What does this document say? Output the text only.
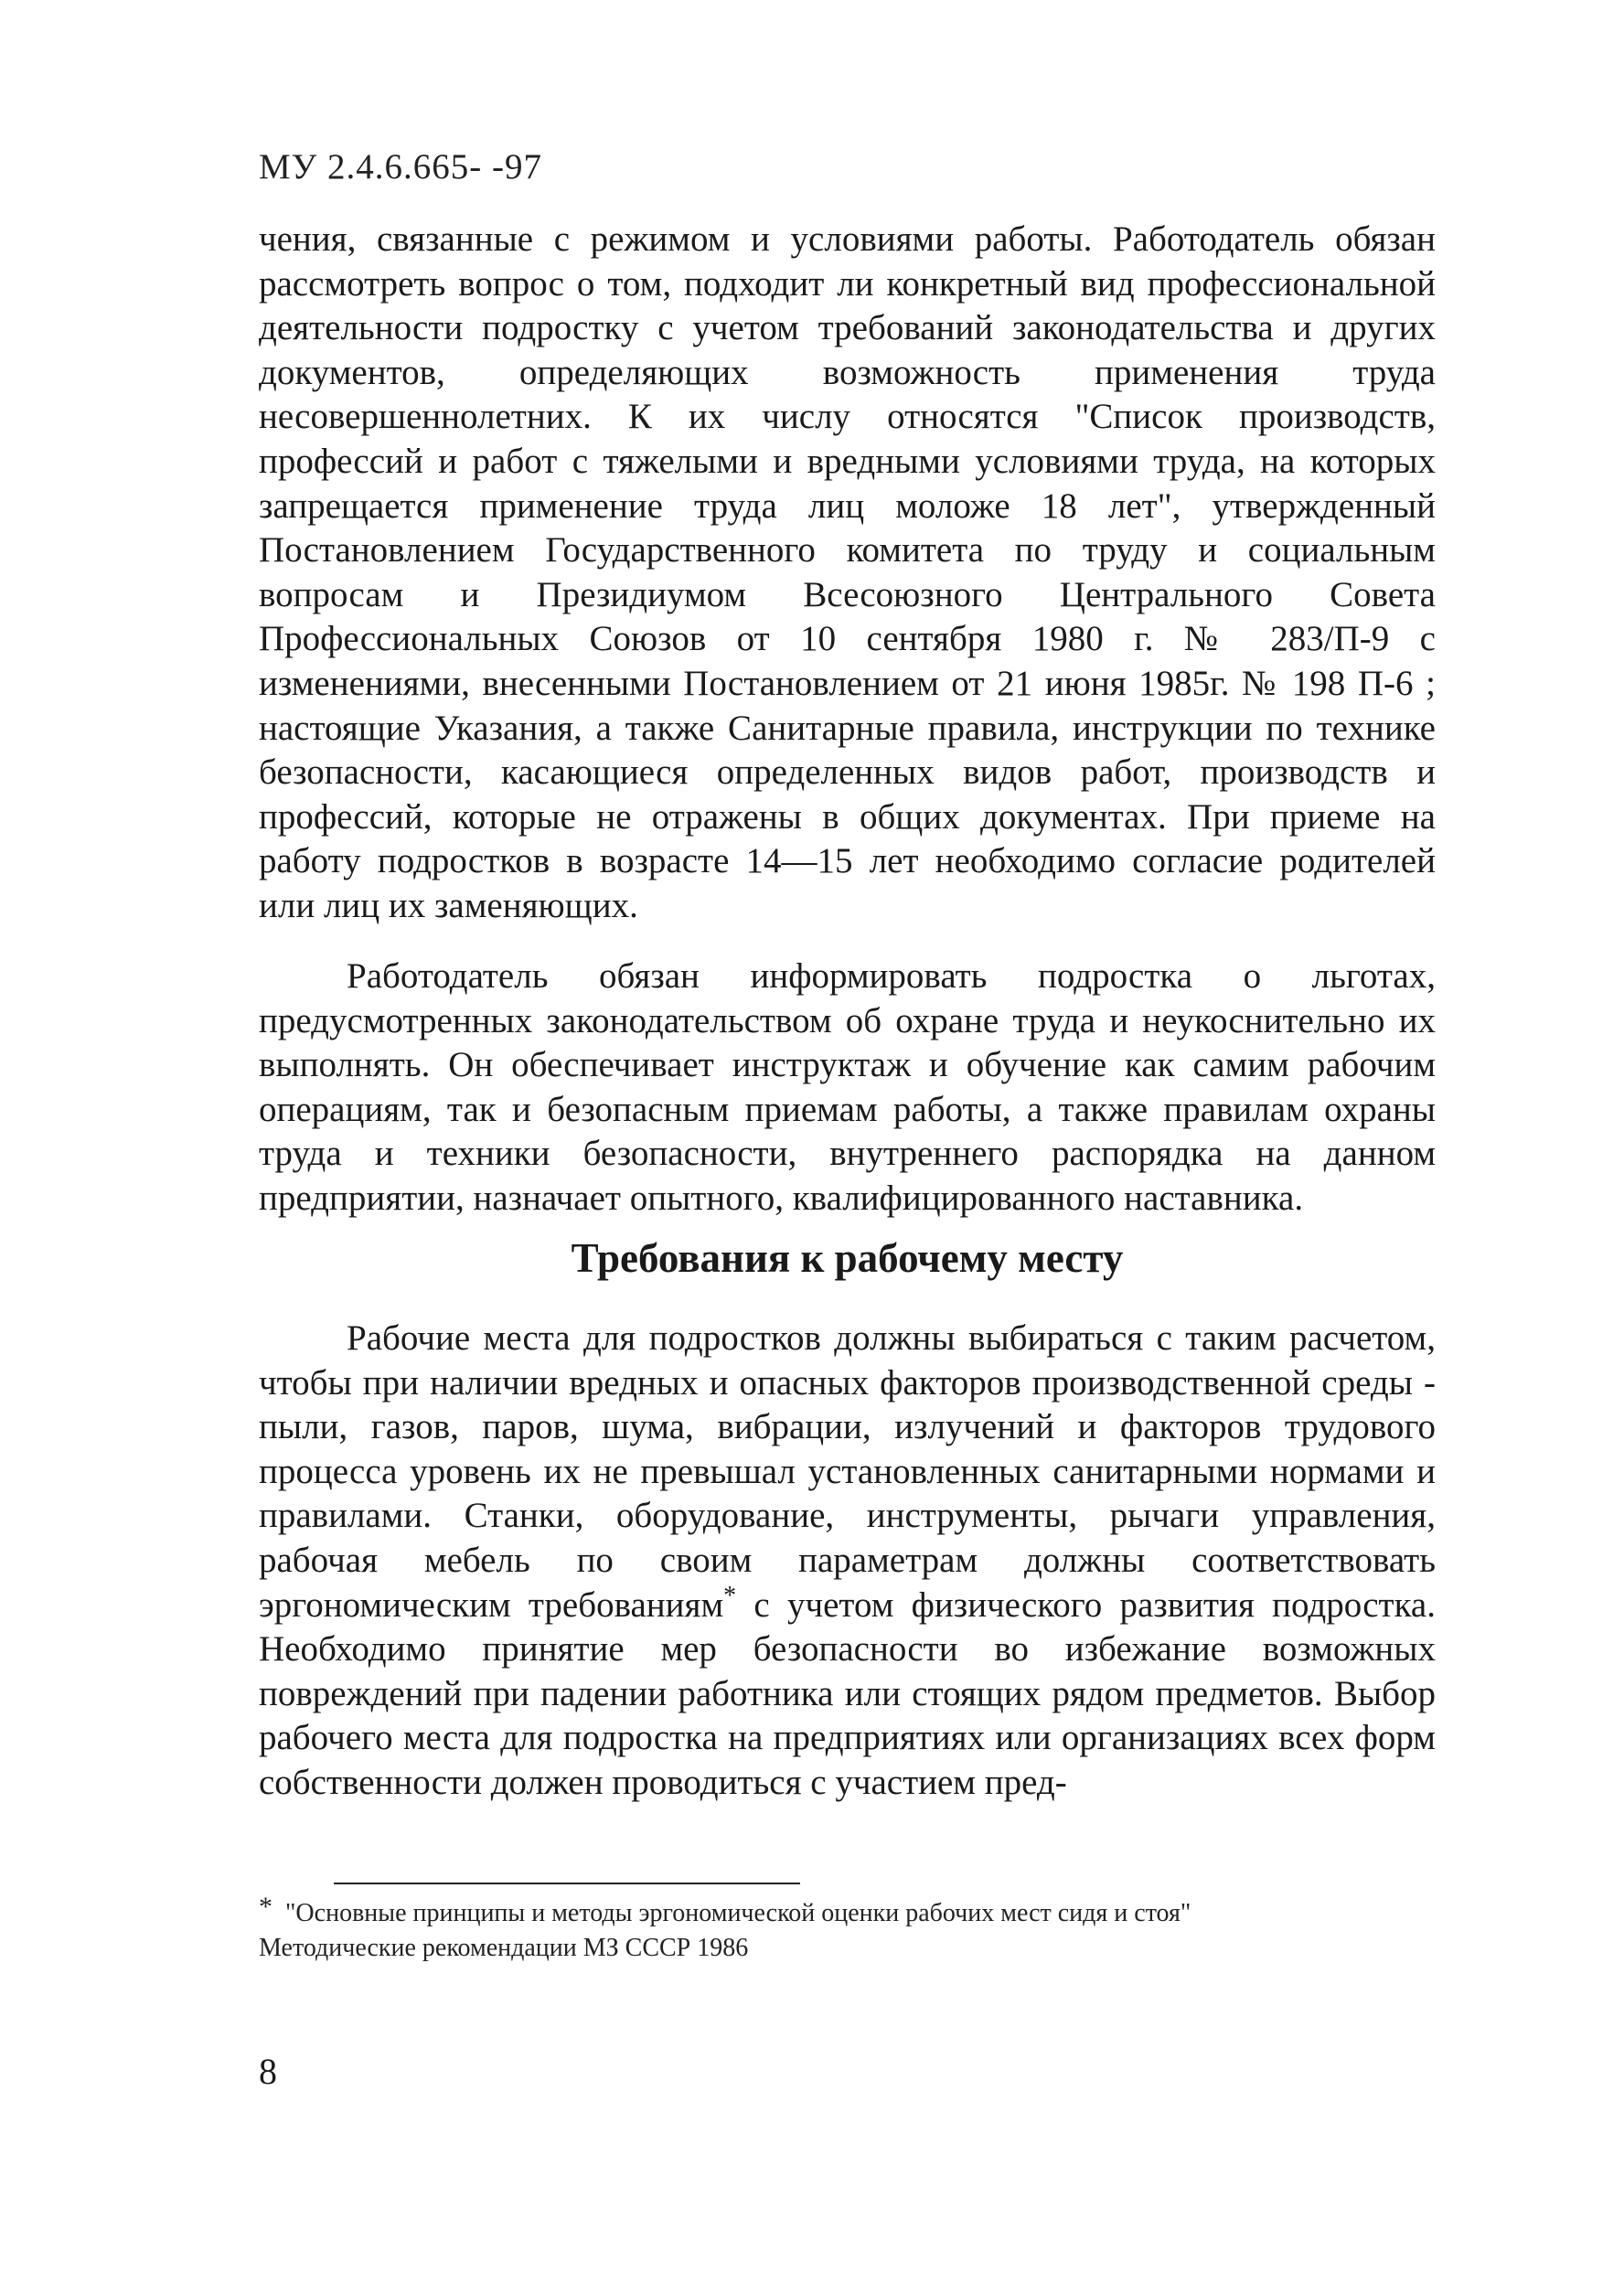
МУ 2.4.6.665- -97

чения, связанные с режимом и условиями работы. Работодатель обязан рассмотреть вопрос о том, подходит ли конкретный вид профессиональной деятельности подростку с учетом требований законодательства и других документов, определяющих возможность применения труда несовершеннолетних. К их числу относятся "Список производств, профессий и работ с тяжелыми и вредными условиями труда, на которых запрещается применение труда лиц моложе 18 лет", утвержденный Постановлением Государственного комитета по труду и социальным вопросам и Президиумом Всесоюзного Центрального Совета Профессиональных Союзов от 10 сентября 1980 г. № 283/П-9 с изменениями, внесенными Постановлением от 21 июня 1985г. № 198 П-6 ; настоящие Указания, а также Санитарные правила, инструкции по технике безопасности, касающиеся определенных видов работ, производств и профессий, которые не отражены в общих документах. При приеме на работу подростков в возрасте 14—15 лет необходимо согласие родителей или лиц их заменяющих.

Работодатель обязан информировать подростка о льготах, предусмотренных законодательством об охране труда и неукоснительно их выполнять. Он обеспечивает инструктаж и обучение как самим рабочим операциям, так и безопасным приемам работы, а также правилам охраны труда и техники безопасности, внутреннего распорядка на данном предприятии, назначает опытного, квалифицированного наставника.

Требования к рабочему месту

Рабочие места для подростков должны выбираться с таким расчетом, чтобы при наличии вредных и опасных факторов производственной среды - пыли, газов, паров, шума, вибрации, излучений и факторов трудового процесса уровень их не превышал установленных санитарными нормами и правилами. Станки, оборудование, инструменты, рычаги управления, рабочая мебель по своим параметрам должны соответствовать эргономическим требованиям* с учетом физического развития подростка. Необходимо принятие мер безопасности во избежание возможных повреждений при падении работника или стоящих рядом предметов. Выбор рабочего места для подростка на предприятиях или организациях всех форм собственности должен проводиться с участием пред-

* "Основные принципы и методы эргономической оценки рабочих мест сидя и стоя"

Методические рекомендации МЗ СССР 1986

8
